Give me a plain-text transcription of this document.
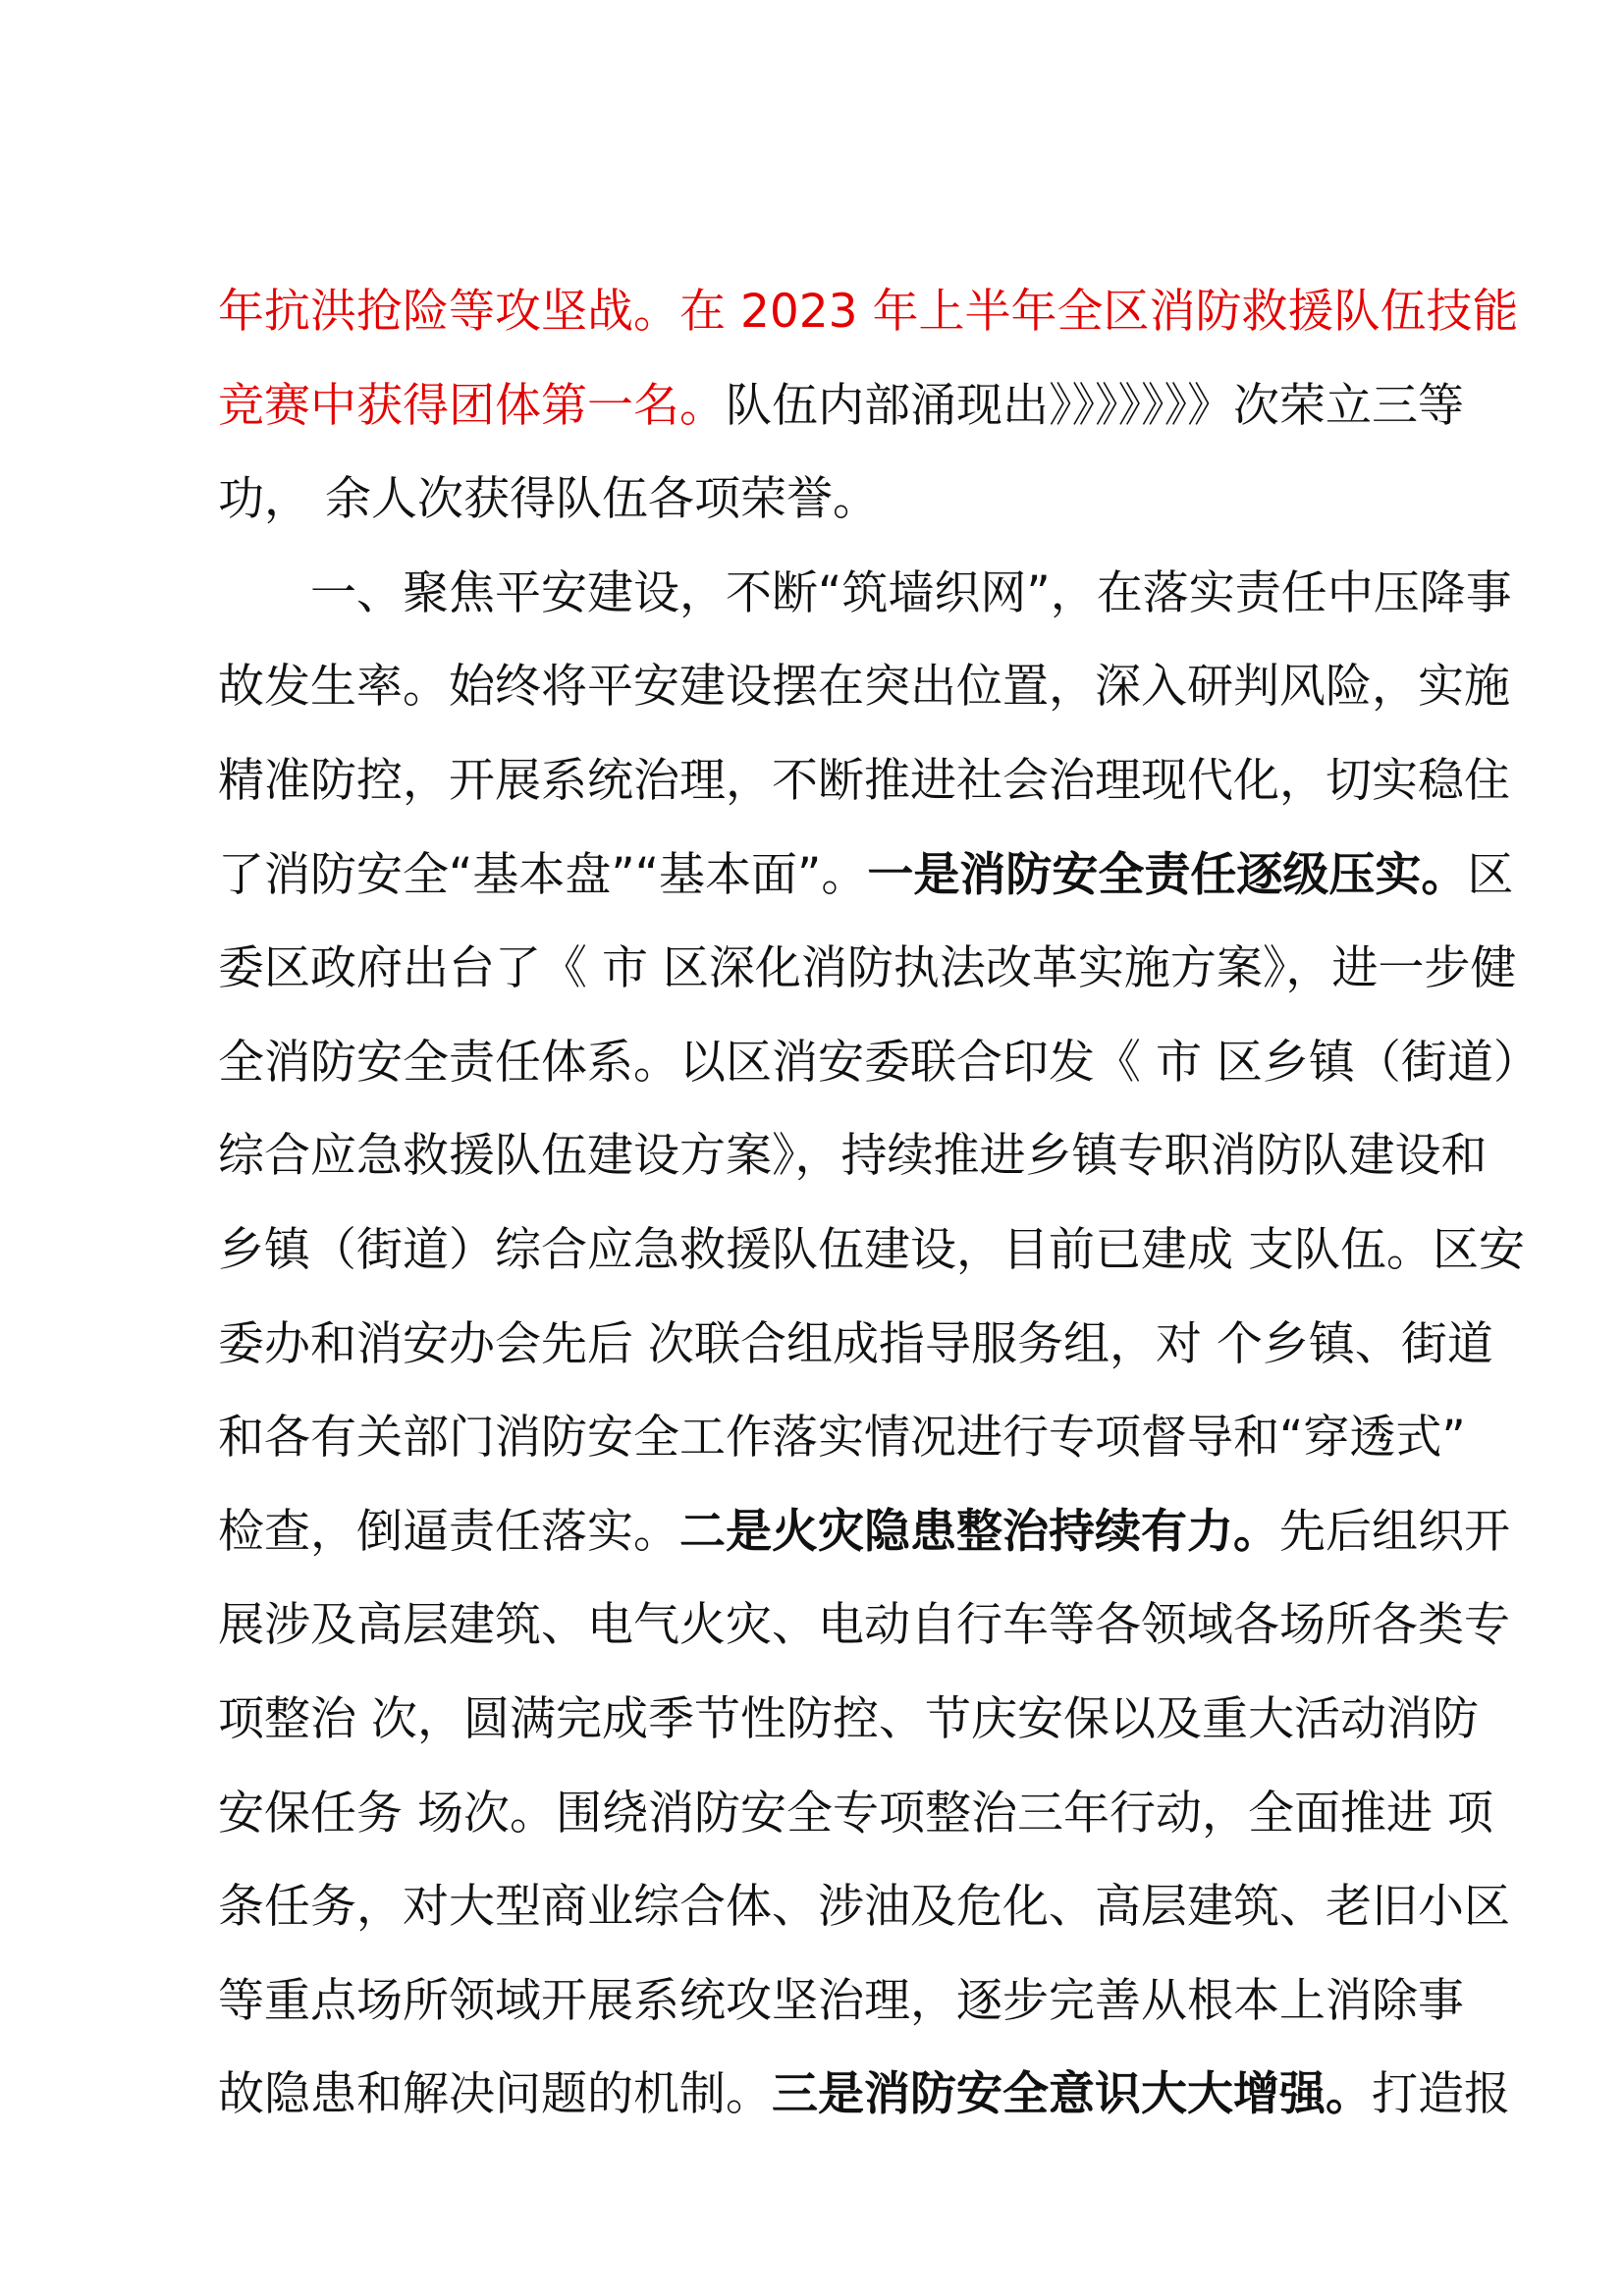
年抗洪抢险等攻坚战。在 2023 年上半年全区消防救援队伍技能
竞赛中获得团体第一名。队伍内部涌现出》》》》》》》次荣立三等
功， 余人次获得队伍各项荣誉。
一、聚焦平安建设，不断“筑墙织网”，在落实责任中压降事
故发生率。始终将平安建设摆在突出位置，深入研判风险，实施
精准防控，开展系统治理，不断推进社会治理现代化，切实稳住
了消防安全“基本盘”“基本面”。一是消防安全责任逐级压实。区
委区政府出台了《 市 区深化消防执法改革实施方案》，进一步健
全消防安全责任体系。以区消安委联合印发《 市 区乡镇（街道）
综合应急救援队伍建设方案》，持续推进乡镇专职消防队建设和
乡镇（街道）综合应急救援队伍建设，目前已建成 支队伍。区安
委办和消安办会先后 次联合组成指导服务组，对 个乡镇、街道
和各有关部门消防安全工作落实情况进行专项督导和“穿透式”
检查，倒逼责任落实。二是火灾隐患整治持续有力。先后组织开
展涉及高层建筑、电气火灾、电动自行车等各领域各场所各类专
项整治 次，圆满完成季节性防控、节庆安保以及重大活动消防
安保任务 场次。围绕消防安全专项整治三年行动，全面推进 项
条任务，对大型商业综合体、涉油及危化、高层建筑、老旧小区
等重点场所领域开展系统攻坚治理，逐步完善从根本上消除事
故隐患和解决问题的机制。三是消防安全意识大大增强。打造报
